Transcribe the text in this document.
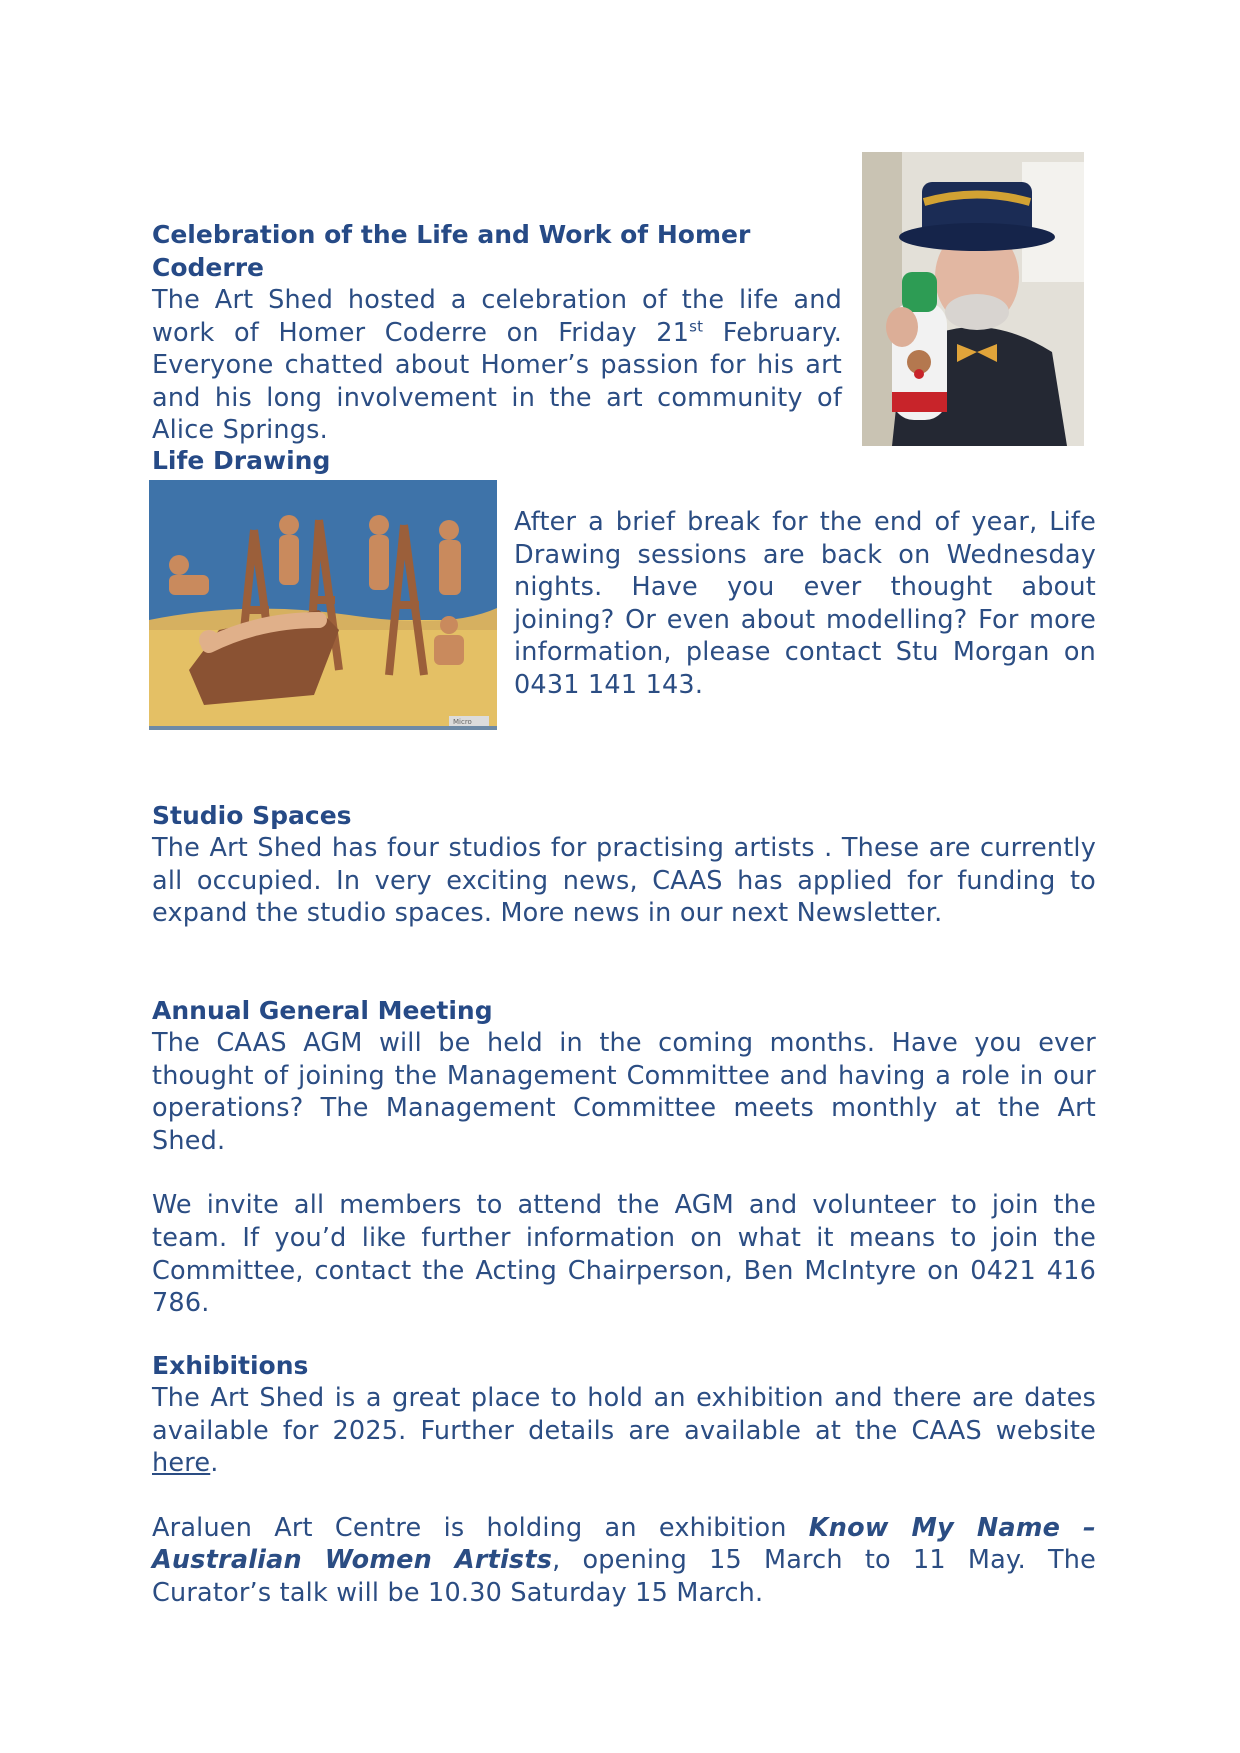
Celebration of the Life and Work of Homer Coderre

The Art Shed hosted a celebration of the life and work of Homer Coderre on Friday 21st February. Everyone chatted about Homer’s passion for his art and his long involvement in the art community of Alice Springs.

Life Drawing
Micro

After a brief break for the end of year, Life Drawing sessions are back on Wednesday nights. Have you ever thought about joining? Or even about modelling? For more information, please contact Stu Morgan on 0431 141 143.

Studio Spaces

The Art Shed has four studios for practising artists . These are currently all occupied. In very exciting news, CAAS has applied for funding to expand the studio spaces. More news in our next Newsletter.

Annual General Meeting

The CAAS AGM will be held in the coming months. Have you ever thought of joining the Management Committee and having a role in our operations? The Management Committee meets monthly at the Art Shed.

We invite all members to attend the AGM and volunteer to join the team. If you’d like further information on what it means to join the Committee, contact the Acting Chairperson, Ben McIntyre on 0421 416 786.

Exhibitions

The Art Shed is a great place to hold an exhibition and there are dates available for 2025. Further details are available at the CAAS website here.

Araluen Art Centre is holding an exhibition Know My Name – Australian Women Artists, opening 15 March to 11 May. The Curator’s talk will be 10.30 Saturday 15 March.
